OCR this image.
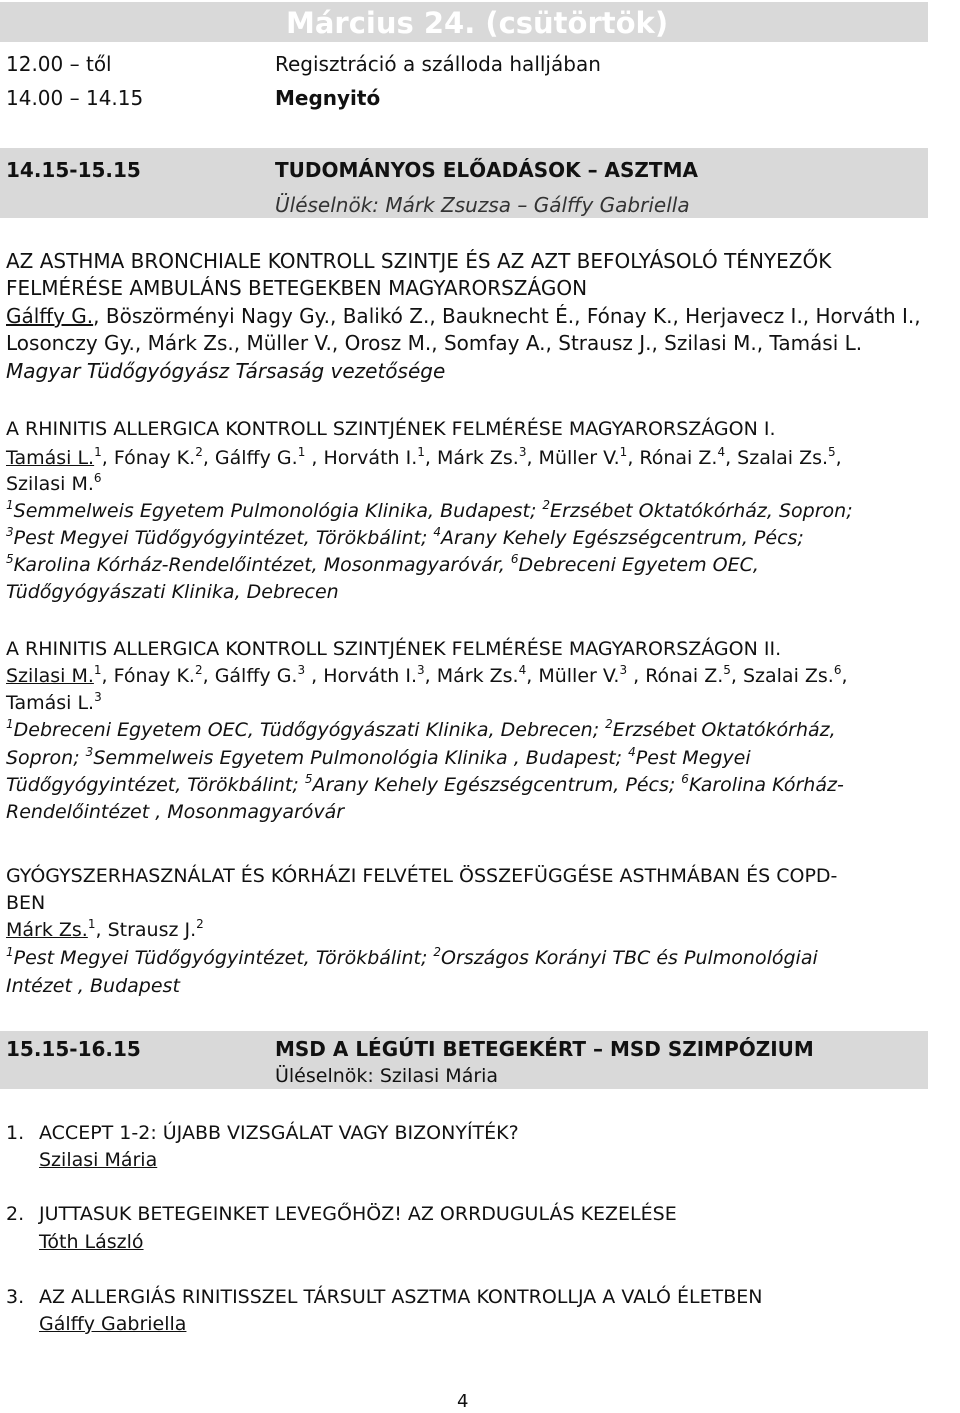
Március 24. (csütörtök)
12.00 – től	Regisztráció a szálloda halljában
14.00 – 14.15	Megnyitó
14.15-15.15	TUDOMÁNYOS ELŐADÁSOK – ASZTMA
Üléselnök: Márk Zsuzsa – Gálffy Gabriella
AZ ASTHMA BRONCHIALE KONTROLL SZINTJE ÉS AZ AZT BEFOLYÁSOLÓ TÉNYEZŐK
FELMÉRÉSE AMBULÁNS BETEGEKBEN MAGYARORSZÁGON
Gálffy G., Böszörményi Nagy Gy., Balikó Z., Bauknecht É., Fónay K., Herjavecz I., Horváth I.,
Losonczy Gy., Márk Zs., Müller V., Orosz M., Somfay A., Strausz J., Szilasi M., Tamási L.
Magyar Tüdőgyógyász Társaság vezetősége
A RHINITIS ALLERGICA KONTROLL SZINTJÉNEK FELMÉRÉSE MAGYARORSZÁGON I.
Tamási L.$^1$, Fónay K.$^2$, Gálffy G.$^1$ , Horváth I.$^1$, Márk Zs.$^3$, Müller V.$^1$, Rónai Z.$^4$, Szalai Zs.$^5$,
Szilasi M.$^6$
$^1$Semmelweis Egyetem Pulmonológia Klinika, Budapest; $^2$Erzsébet Oktatókórház, Sopron;
$^3$Pest Megyei Tüdőgyógyintézet, Törökbálint; $^4$Arany Kehely Egészségcentrum, Pécs;
$^5$Karolina Kórház-Rendelőintézet, Mosonmagyaróvár, $^6$Debreceni Egyetem OEC,
Tüdőgyógyászati Klinika, Debrecen
A RHINITIS ALLERGICA KONTROLL SZINTJÉNEK FELMÉRÉSE MAGYARORSZÁGON II.
Szilasi M.$^1$, Fónay K.$^2$, Gálffy G.$^3$ , Horváth I.$^3$, Márk Zs.$^4$, Müller V.$^3$ , Rónai Z.$^5$, Szalai Zs.$^6$,
Tamási L.$^3$
$^1$Debreceni Egyetem OEC, Tüdőgyógyászati Klinika, Debrecen; $^2$Erzsébet Oktatókórház,
Sopron; $^3$Semmelweis Egyetem Pulmonológia Klinika , Budapest; $^4$Pest Megyei
Tüdőgyógyintézet, Törökbálint; $^5$Arany Kehely Egészségcentrum, Pécs; $^6$Karolina Kórház-
Rendelőintézet , Mosonmagyaróvár
GYÓGYSZERHASZNÁLAT ÉS KÓRHÁZI FELVÉTEL ÖSSZEFÜGGÉSE ASTHMÁBAN ÉS COPD-
BEN
Márk Zs.$^1$, Strausz J.$^2$
$^1$Pest Megyei Tüdőgyógyintézet, Törökbálint; $^2$Országos Korányi TBC és Pulmonológiai
Intézet , Budapest
15.15-16.15	MSD A LÉGÚTI BETEGEKÉRT – MSD SZIMPÓZIUM
Üléselnök: Szilasi Mária
1. ACCEPT 1-2: ÚJABB VIZSGÁLAT VAGY BIZONYÍTÉK?
Szilasi Mária
2. JUTTASUK BETEGEINKET LEVEGŐHÖZ! AZ ORRDUGULÁS KEZELÉSE
Tóth László
3. AZ ALLERGIÁS RINITISSZEL TÁRSULT ASZTMA KONTROLLJA A VALÓ ÉLETBEN
Gálffy Gabriella
4
